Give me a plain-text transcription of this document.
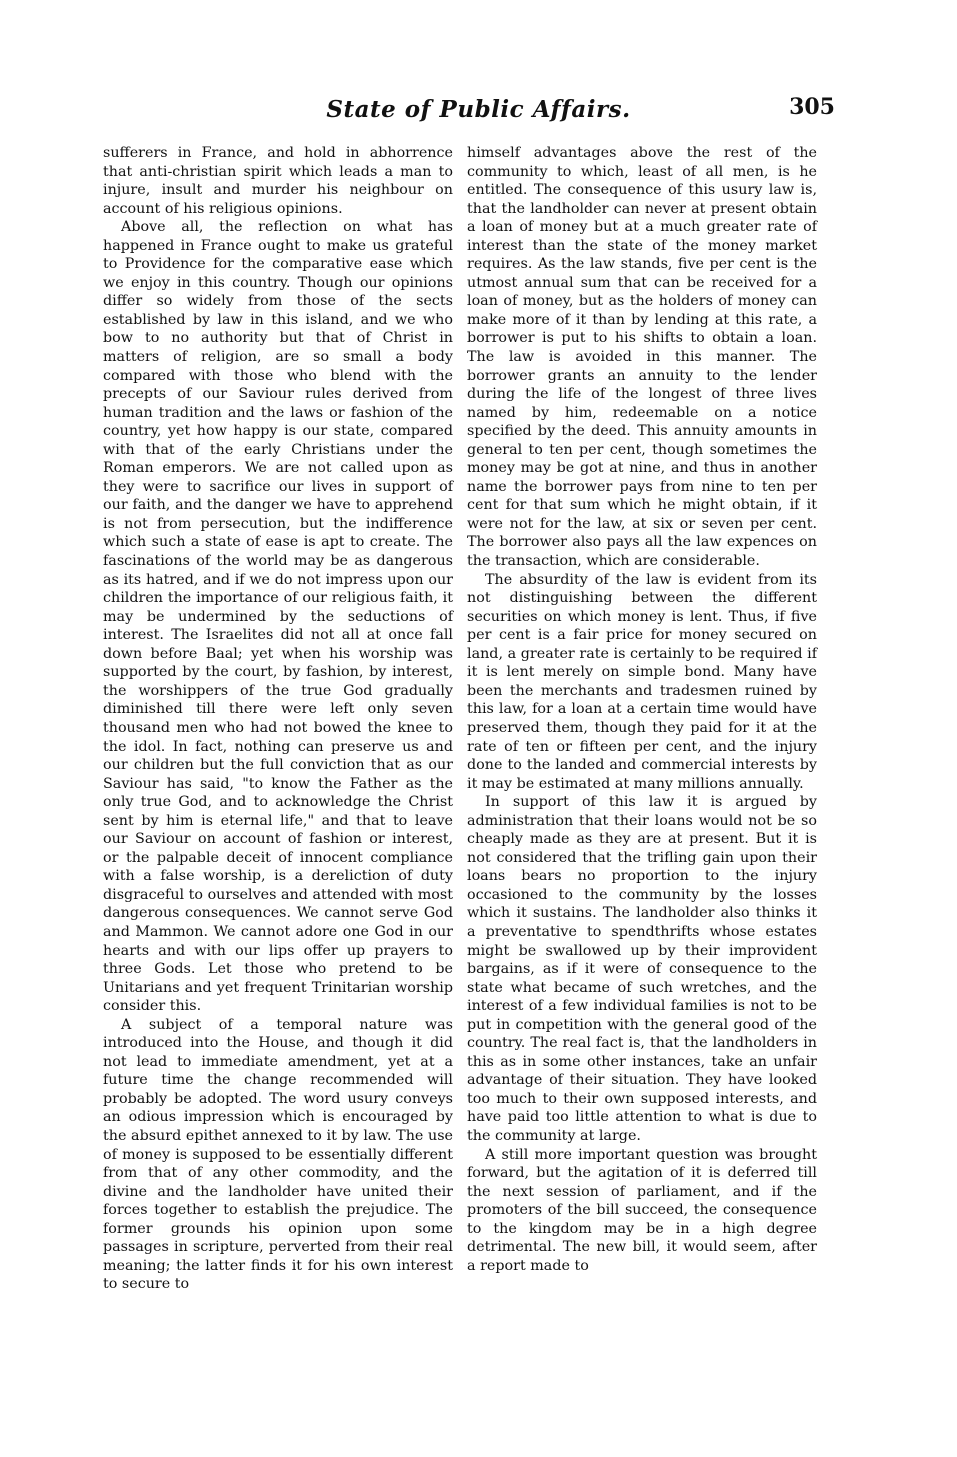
State of Public Affairs.	305

sufferers in France, and hold in abhorrence that anti-christian spirit which leads a man to injure, insult and murder his neighbour on account of his religious opinions.

Above all, the reflection on what has happened in France ought to make us grateful to Providence for the comparative ease which we enjoy in this country. Though our opinions differ so widely from those of the sects established by law in this island, and we who bow to no authority but that of Christ in matters of religion, are so small a body compared with those who blend with the precepts of our Saviour rules derived from human tradition and the laws or fashion of the country, yet how happy is our state, compared with that of the early Christians under the Roman emperors. We are not called upon as they were to sacrifice our lives in support of our faith, and the danger we have to apprehend is not from persecution, but the indifference which such a state of ease is apt to create. The fascinations of the world may be as dangerous as its hatred, and if we do not impress upon our children the importance of our religious faith, it may be undermined by the seductions of interest. The Israelites did not all at once fall down before Baal; yet when his worship was supported by the court, by fashion, by interest, the worshippers of the true God gradually diminished till there were left only seven thousand men who had not bowed the knee to the idol. In fact, nothing can preserve us and our children but the full conviction that as our Saviour has said, "to know the Father as the only true God, and to acknowledge the Christ sent by him is eternal life," and that to leave our Saviour on account of fashion or interest, or the palpable deceit of innocent compliance with a false worship, is a dereliction of duty disgraceful to ourselves and attended with most dangerous consequences. We cannot serve God and Mammon. We cannot adore one God in our hearts and with our lips offer up prayers to three Gods. Let those who pretend to be Unitarians and yet frequent Trinitarian worship consider this.

A subject of a temporal nature was introduced into the House, and though it did not lead to immediate amendment, yet at a future time the change recommended will probably be adopted. The word usury conveys an odious impression which is encouraged by the absurd epithet annexed to it by law. The use of money is supposed to be essentially different from that of any other commodity, and the divine and the landholder have united their forces together to establish the prejudice. The former grounds his opinion upon some passages in scripture, perverted from their real meaning; the latter finds it for his own interest to secure to

himself advantages above the rest of the community to which, least of all men, is he entitled. The consequence of this usury law is, that the landholder can never at present obtain a loan of money but at a much greater rate of interest than the state of the money market requires. As the law stands, five per cent is the utmost annual sum that can be received for a loan of money, but as the holders of money can make more of it than by lending at this rate, a borrower is put to his shifts to obtain a loan. The law is avoided in this manner. The borrower grants an annuity to the lender during the life of the longest of three lives named by him, redeemable on a notice specified by the deed. This annuity amounts in general to ten per cent, though sometimes the money may be got at nine, and thus in another name the borrower pays from nine to ten per cent for that sum which he might obtain, if it were not for the law, at six or seven per cent. The borrower also pays all the law expences on the transaction, which are considerable.

The absurdity of the law is evident from its not distinguishing between the different securities on which money is lent. Thus, if five per cent is a fair price for money secured on land, a greater rate is certainly to be required if it is lent merely on simple bond. Many have been the merchants and tradesmen ruined by this law, for a loan at a certain time would have preserved them, though they paid for it at the rate of ten or fifteen per cent, and the injury done to the landed and commercial interests by it may be estimated at many millions annually.

In support of this law it is argued by administration that their loans would not be so cheaply made as they are at present. But it is not considered that the trifling gain upon their loans bears no proportion to the injury occasioned to the community by the losses which it sustains. The landholder also thinks it a preventative to spendthrifts whose estates might be swallowed up by their improvident bargains, as if it were of consequence to the state what became of such wretches, and the interest of a few individual families is not to be put in competition with the general good of the country. The real fact is, that the landholders in this as in some other instances, take an unfair advantage of their situation. They have looked too much to their own supposed interests, and have paid too little attention to what is due to the community at large.

A still more important question was brought forward, but the agitation of it is deferred till the next session of parliament, and if the promoters of the bill succeed, the consequence to the kingdom may be in a high degree detrimental. The new bill, it would seem, after a report made to
